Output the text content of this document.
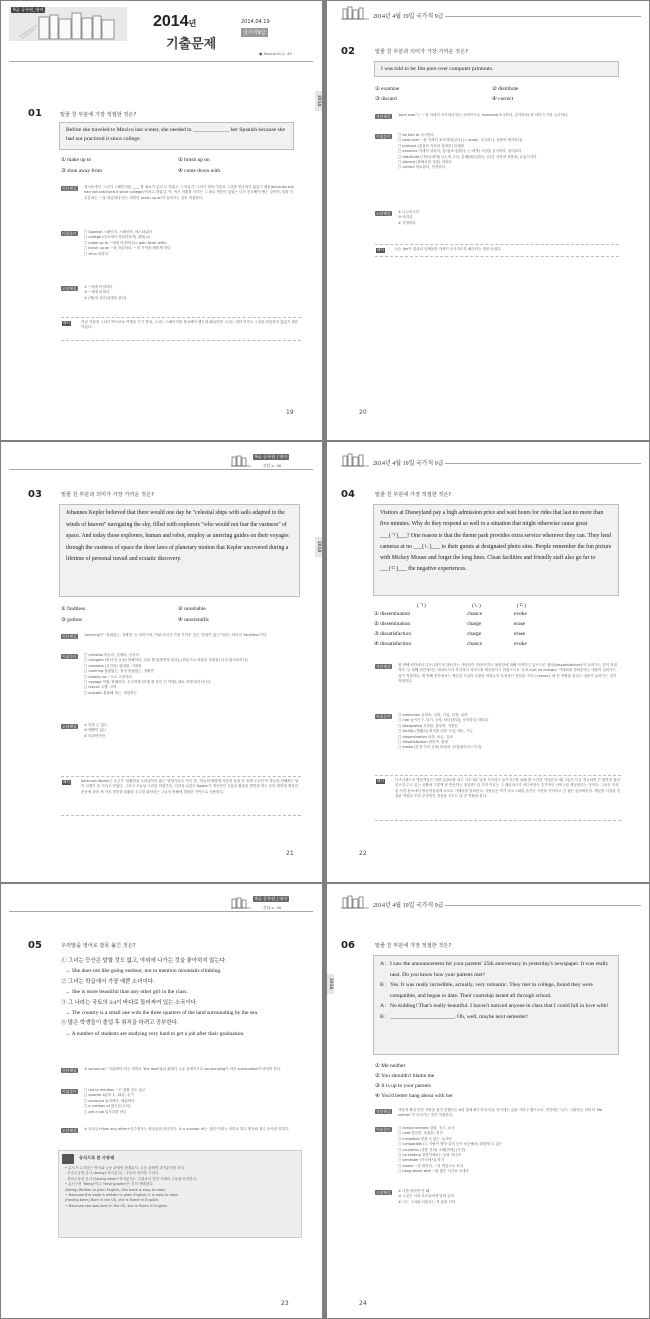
9급 공무원_영어
2014년
기출문제
2014.04.19
국가직9급
● Research p. 45
2014
01	밑줄 친 부분에 가장 적절한 것은?
Before she traveled to Mexico last winter, she needed to _____________ her Spanish because she had not practiced it since college.
① make up to	② brush up on
③ shun away from	④ come down with
정답해설 제시문에서 '그녀가 스페인어를 ____ 할 필요가 있다'고 하였고 그 이유가 '그녀가 대학 이후로 그것을 연습하지 않았기 때문(because she had not practiced it since college)'이라고 하였다. 즉, 역시 어휘를 익히는 그 필요 연습이 없었는 다시 공부해야 했는 것이며, 밑줄 친 부분에는 '~을 복습하다'라는 의미인 brush up on이 들어가는 것이 적절하다.
어휘풀이 □ Spanish 스페인의, 스페인어, 에스파냐어
□ college (미국에서 학위과정이) 대학(교)
□ make up to ~에게 아첨하다(= gain favor with)
□ brush up on ~을 복습하다, ~의 기억을 새롭게 하다
□ shun 피하다
오답해설 ① ~에게 아첨하다
③ ~에게 피하다
④ (병)에 걸리다(병을 앓다)
해석	작년 겨울에 그녀가 멕시코로 여행을 가기 전에, 그녀는 스페인어를 복습해야 했는데 왜냐하면 그녀는 대학 이후로 그것을 연습하지 않았기 때문이었다.
19
2014년 4월 19일 국가직 9급
02	밑줄 친 부분과 의미가 가장 가까운 것은?
I was told to let Jim pore over computer printouts.
① examine	② distribute
③ discard	④ correct
정답해설 'pore over'는 '~을 자세히 조사하다'라는 의미이므로 'examine(조사하다, 검사하다)'과 의미가 가장 유사하다.
어휘풀이 □ be told to 지시받다
□ pore over ~을 자세히 조사하다[보다] (= study, 숙고하다, 골똘히 생각하다)
□ printout (컴퓨터 자료를 출력한) 인쇄물
□ examine 자세히 살피다, 검사[조사]하다, (~에게) 시험을 실시하다, 물어보다
□ distribute (사람들에게) 나누어 주다, 분배[배포]하다, (다른 지역에 상품을) 유통시키다
□ discard (불필요한 것을) 버리다
□ correct 바로잡다, 정정하다
오답해설 ② 나누어주다
③ 버리다
④ 정정하다
해석	나는 Jim이 컴퓨터 인쇄물을 자세히 조사하도록 해주라는 말을 들었다.
20
9급 공무원 | 영어
정답 p. 46
2014
03	밑줄 친 부분과 의미가 가장 가까운 것은?
Johannes Kepler believed that there would one day be "celestial ships with sails adapted to the winds of heaven" navigating the sky, filled with explorers "who would not fear the vastness" of space. And today those explorers, human and robot, employ as unerring guides on their voyages through the vastness of space the three laws of planetary motion that Kepler uncovered during a lifetime of personal travail and ecstatic discovery.
① faultless	② unreliable
③ gutless	④ unscientific
정답해설 'unerring'은 '틀림없는, 정확한' 등 의미이며, 이와 의미상 가장 가까운 것은 '결점이 없는'이라는 의미의 'faultless'이다.
어휘풀이 □ celestial 하늘의, 천체의, 천상의
□ navigate (바다·강 등을) 항해하다, 길을 찾다[방향을 읽다], (힘들거나 복잡한 상황을) 다루다[처리하다]
□ vastness (공간을) 광대함, 거대함
□ unerring 틀림없는, 정성 틀림없는, 정확한
□ employ as ~으로 고용하다
□ voyage 여행, 항해하다, 우주여행 (비행 중 특히 긴 여행), 배로 여행 돌아다니다
□ travail 고생, 고역
□ ecstatic 황홀해 하는, 열광하는
오답해설 ② 믿을 수 없는
③ 배짱이 없는
④ 비과학적인
해석	Johannes Kepler는 우주가 '광활함을 두려워하지 않는' 탐험가들로 가득 찬, '하늘의 바람에 적응한 돛을 단 천체 우주선'이 하늘을 항해하는 날이 언젠가 올 거라고 믿었다. 그리고 오늘날 그러한 탐험가들, 인간과 로봇은 Kepler가 개인적인 고통과 황홀한 발견을 하는 동안 밝혀낸 행성의 운동에 관한 세 가지 법칙을 광활한 우주를 횡단하는 그들의 항해에 정확한 가이드로 사용한다.
21
2014년 4월 19일 국가직 9급
04	밑줄 친 부분에 가장 적절한 것은?
Visitors at Disneyland pay a high admission price and wait hours for rides that last no more than five minutes. Why do they respond so well to a situation that might otherwise cause great ___(ㄱ)___? One reason is that the theme park provides extra service wherever they can. They lend cameras at no ___(ㄴ)___ to their guests at designated photo sites. People remember the fun picture with Mickey Mouse and forget the long lines. Clean facilities and friendly staff also go far to ___(ㄷ)___ the negative experiences.
(ㄱ)	(ㄴ)	(ㄷ)
① dissemination	chance	evoke
② dissemination	charge	erase
③ dissatisfaction	charge	erase
④ dissatisfaction	chance	evoke
정답해설 첫 번째 빈칸에서 디즈니랜드의 방문자는 사람들이 견뎌야 하는 불편함에 대해 지적하고 있으므로 '불만(dissatisfaction)'이 들어가는 것이 적절하다. 두 번째 빈칸에서는 테마파크가 추가적인 서비스를 제공한다고 하였으므로 '무료로(at no charge)' 카메라를 빌려준다는 내용이 들어가는 것이 적절하다. 세 번째 빈칸에서는 깨끗한 시설과 친절한 직원들이 부정적인 경험을 '지우는(erase)' 데 큰 역할을 한다는 내용이 들어가는 것이 적절하다.
어휘풀이 □ admission 입장료, 입장, 가입, 인정, 입학
□ ride 놀이기구, 타기, 승차, 타다[몰다], 승마하다, 태우다
□ designated 지정된, 관선의, 지명된
□ facility (생활의) 편의를 위한 시설, 재능, 기능
□ dissemination 파종, 보급, 유포
□ dissatisfaction 불만족, 불평
□ evoke (감정·기억 등을) 떠올려 주다[불러일으키다]
해석	디즈니랜드의 방문객들은 비싼 입장료를 내고 겨우 5분 남짓 지속되는 놀이기구를 위해 몇 시간을 기다린다. 왜 그들은 다른 경우라면 큰 불만을 불러일으킬 수도 있는 상황에 그렇게 잘 반응하는 것일까? 한 가지 이유는 그 테마파크가 어디에서든 추가적인 서비스를 제공한다는 것이다. 그들은 지정된 사진 장소에서 방문객들에게 무료로 카메라를 빌려준다. 사람들은 미키 마우스와의 즐거운 사진을 기억하고 긴 줄은 잊어버린다. 깨끗한 시설과 친절한 직원들 또한 부정적인 경험을 지우는 데 큰 역할을 한다.
22
9급 공무원 | 영어
정답 p. 46
05	우리말을 영어로 잘못 옮긴 것은?
① 그녀는 등산은 말할 것도 없고, 야외에 나가는 것을 좋아하지 않는다.
→ She does not like going outdoor, not to mention mountain-climbing.
② 그녀는 학급에서 가장 예쁜 소녀이다.
→ She is more beautiful than any other girl in the class.
③ 그 나라는 국토의 3/4이 바다로 둘러싸여 있는 소국이다.
→ The country is a small one with the three quarters of the land surrounding by the sea.
④ 많은 학생들이 졸업 후 취직을 하려고 공부한다.
→ A number of students are studying very hard to get a job after their graduation.
정답해설 ③ surround는 '에워싸다'라는 의미로 'the land'와의 관계가 수동 관계이므로 surrounding이 아닌 surrounded가 되어야 한다.
어휘풀이 □ not to mention ~은 말할 것도 없고
□ quarter 4분의 1, 15분, 분기
□ surround 둘러싸다, 에워싸다
□ a number of 많은(다수의)
□ get a job 일자리를 얻다
오답해설 ② 비교급+than any other+단수명사는 최상급의 의미이다. ④ a number of는 '많은'이라는 의미로 복수 명사와 복수 동사를 취한다.
공식으로 본 수동태
• 분사가 수식하는 명사와 능동 관계면 현재분사, 수동 관계면 과거분사를 쓴다.
- 단순수동형 분사 (being+과거분사) : 수동의 의미를 가진다.
- 완료수동형 분사 (having been+과거분사) : 주절보다 앞선 시제의 수동을 표현한다.
• 분사구문 'Being'이나 'Having been'은 흔히 생략된다.
(Being) Written in plain English, this book is easy to read.
→ Because this book is written in plain English, it is easy to read.
(Having been) Born in the US, she is fluent in English.
→ Because she was born in the US, she is fluent in English.
23
2014년 4월 19일 국가직 9급
2014
06	밑줄 친 부분에 가장 적절한 것은?
A : I saw the announcement for your parents' 25th anniversary in yesterday's newspaper. It was really neat. Do you know how your parents met?
B : Yes. It was really incredible, actually, very romantic. They met in college, found they were compatible, and began to date. Their courtship lasted all through school.
A : No kidding! That's really beautiful. I haven't noticed anyone in class that I could fall in love with!
B : _______________________. Oh, well, maybe next semester!
① Me neither
② You shouldn't blame me
③ It is up to your parents
④ You'd better hang about with her
정답해설 사랑에 빠질 만한 사람을 찾지 못했다는 A의 말에 B가 아마 다음 학기에는 있을 거라고 했으므로, 빈칸에는 '나도 그래'라는 의미의 'Me neither'가 들어가는 것이 적절하다.
어휘풀이 □ announcement 알림, 공고, 소식
□ neat 깔끔한, 훌륭한, 멋진
□ incredible 믿을 수 없는, 놀라운
□ compatible (두 사람이 생각·흥미 등이 비슷해서) 화합할 수 있는
□ courtship (결혼 전의) 교제[연애] (기간)
□ no kidding 정말이에요?, 농담 아니야
□ semester (미국에서) 학기
□ blame ~을 탓하다, ~의 책임으로 보다
□ hang about with ~와 많은 시간을 보내다
오답해설 ② 나를 탓하면 안 돼
③ 그것은 너의 부모님에게 달려 있어
④ 너는 그녀와 어울리는 게 좋을 거야
24
